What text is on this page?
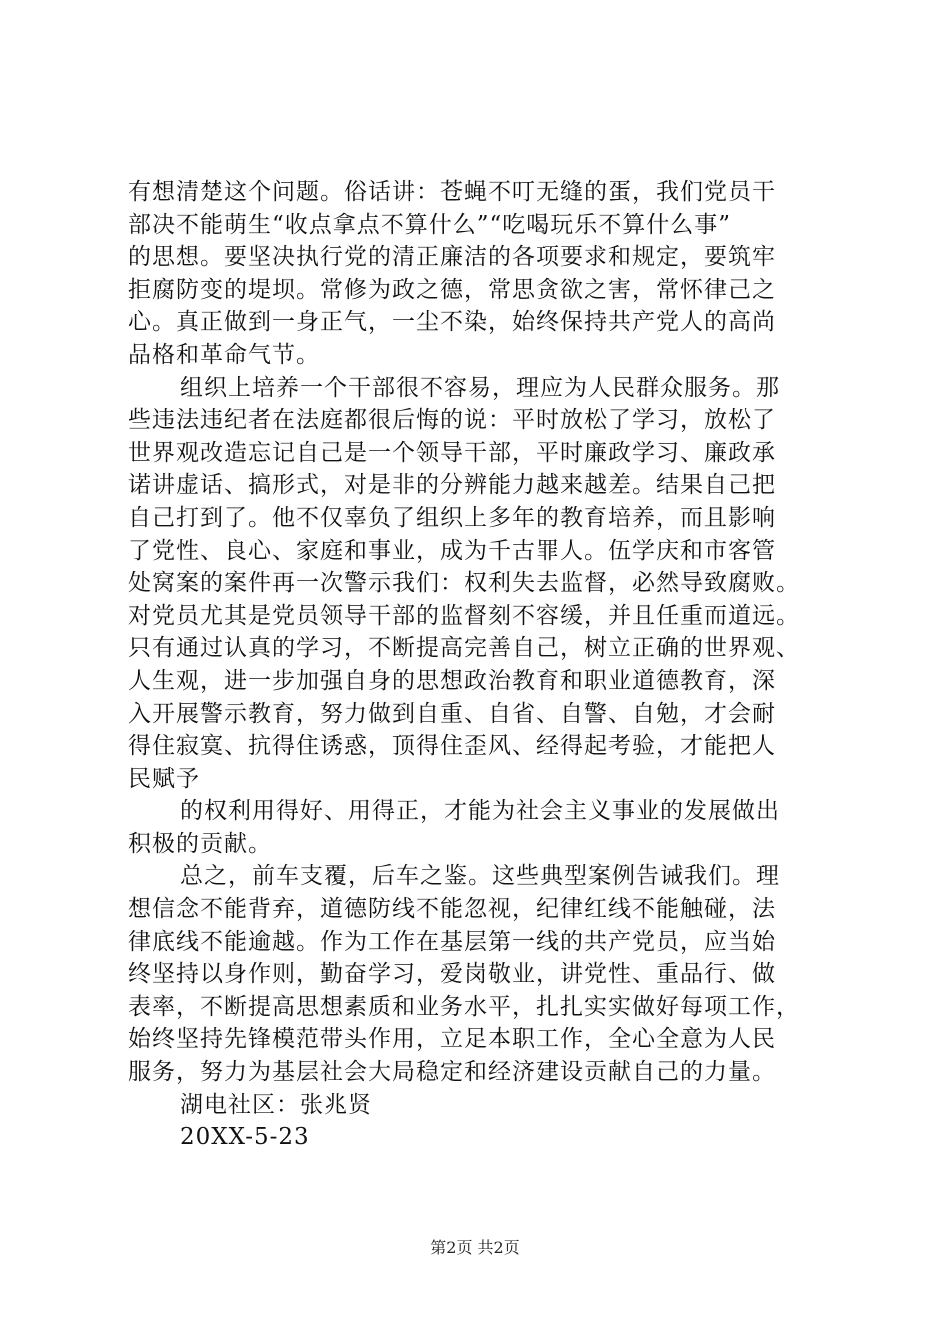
有想清楚这个问题。俗话讲：苍蝇不叮无缝的蛋，我们党员干
部决不能萌生“收点拿点不算什么”“吃喝玩乐不算什么事”
的思想。要坚决执行党的清正廉洁的各项要求和规定，要筑牢
拒腐防变的堤坝。常修为政之德，常思贪欲之害，常怀律己之
心。真正做到一身正气，一尘不染，始终保持共产党人的高尚
品格和革命气节。
组织上培养一个干部很不容易，理应为人民群众服务。那
些违法违纪者在法庭都很后悔的说：平时放松了学习，放松了
世界观改造忘记自己是一个领导干部，平时廉政学习、廉政承
诺讲虚话、搞形式，对是非的分辨能力越来越差。结果自己把
自己打到了。他不仅辜负了组织上多年的教育培养，而且影响
了党性、良心、家庭和事业，成为千古罪人。伍学庆和市客管
处窝案的案件再一次警示我们：权利失去监督，必然导致腐败。
对党员尤其是党员领导干部的监督刻不容缓，并且任重而道远。
只有通过认真的学习，不断提高完善自己，树立正确的世界观、
人生观，进一步加强自身的思想政治教育和职业道德教育，深
入开展警示教育，努力做到自重、自省、自警、自勉，才会耐
得住寂寞、抗得住诱惑，顶得住歪风、经得起考验，才能把人
民赋予
的权利用得好、用得正，才能为社会主义事业的发展做出
积极的贡献。
总之，前车支覆，后车之鉴。这些典型案例告诫我们。理
想信念不能背弃，道德防线不能忽视，纪律红线不能触碰，法
律底线不能逾越。作为工作在基层第一线的共产党员，应当始
终坚持以身作则，勤奋学习，爱岗敬业，讲党性、重品行、做
表率，不断提高思想素质和业务水平，扎扎实实做好每项工作，
始终坚持先锋模范带头作用，立足本职工作，全心全意为人民
服务，努力为基层社会大局稳定和经济建设贡献自己的力量。
湖电社区：张兆贤
20XX-5-23
第2页 共2页
